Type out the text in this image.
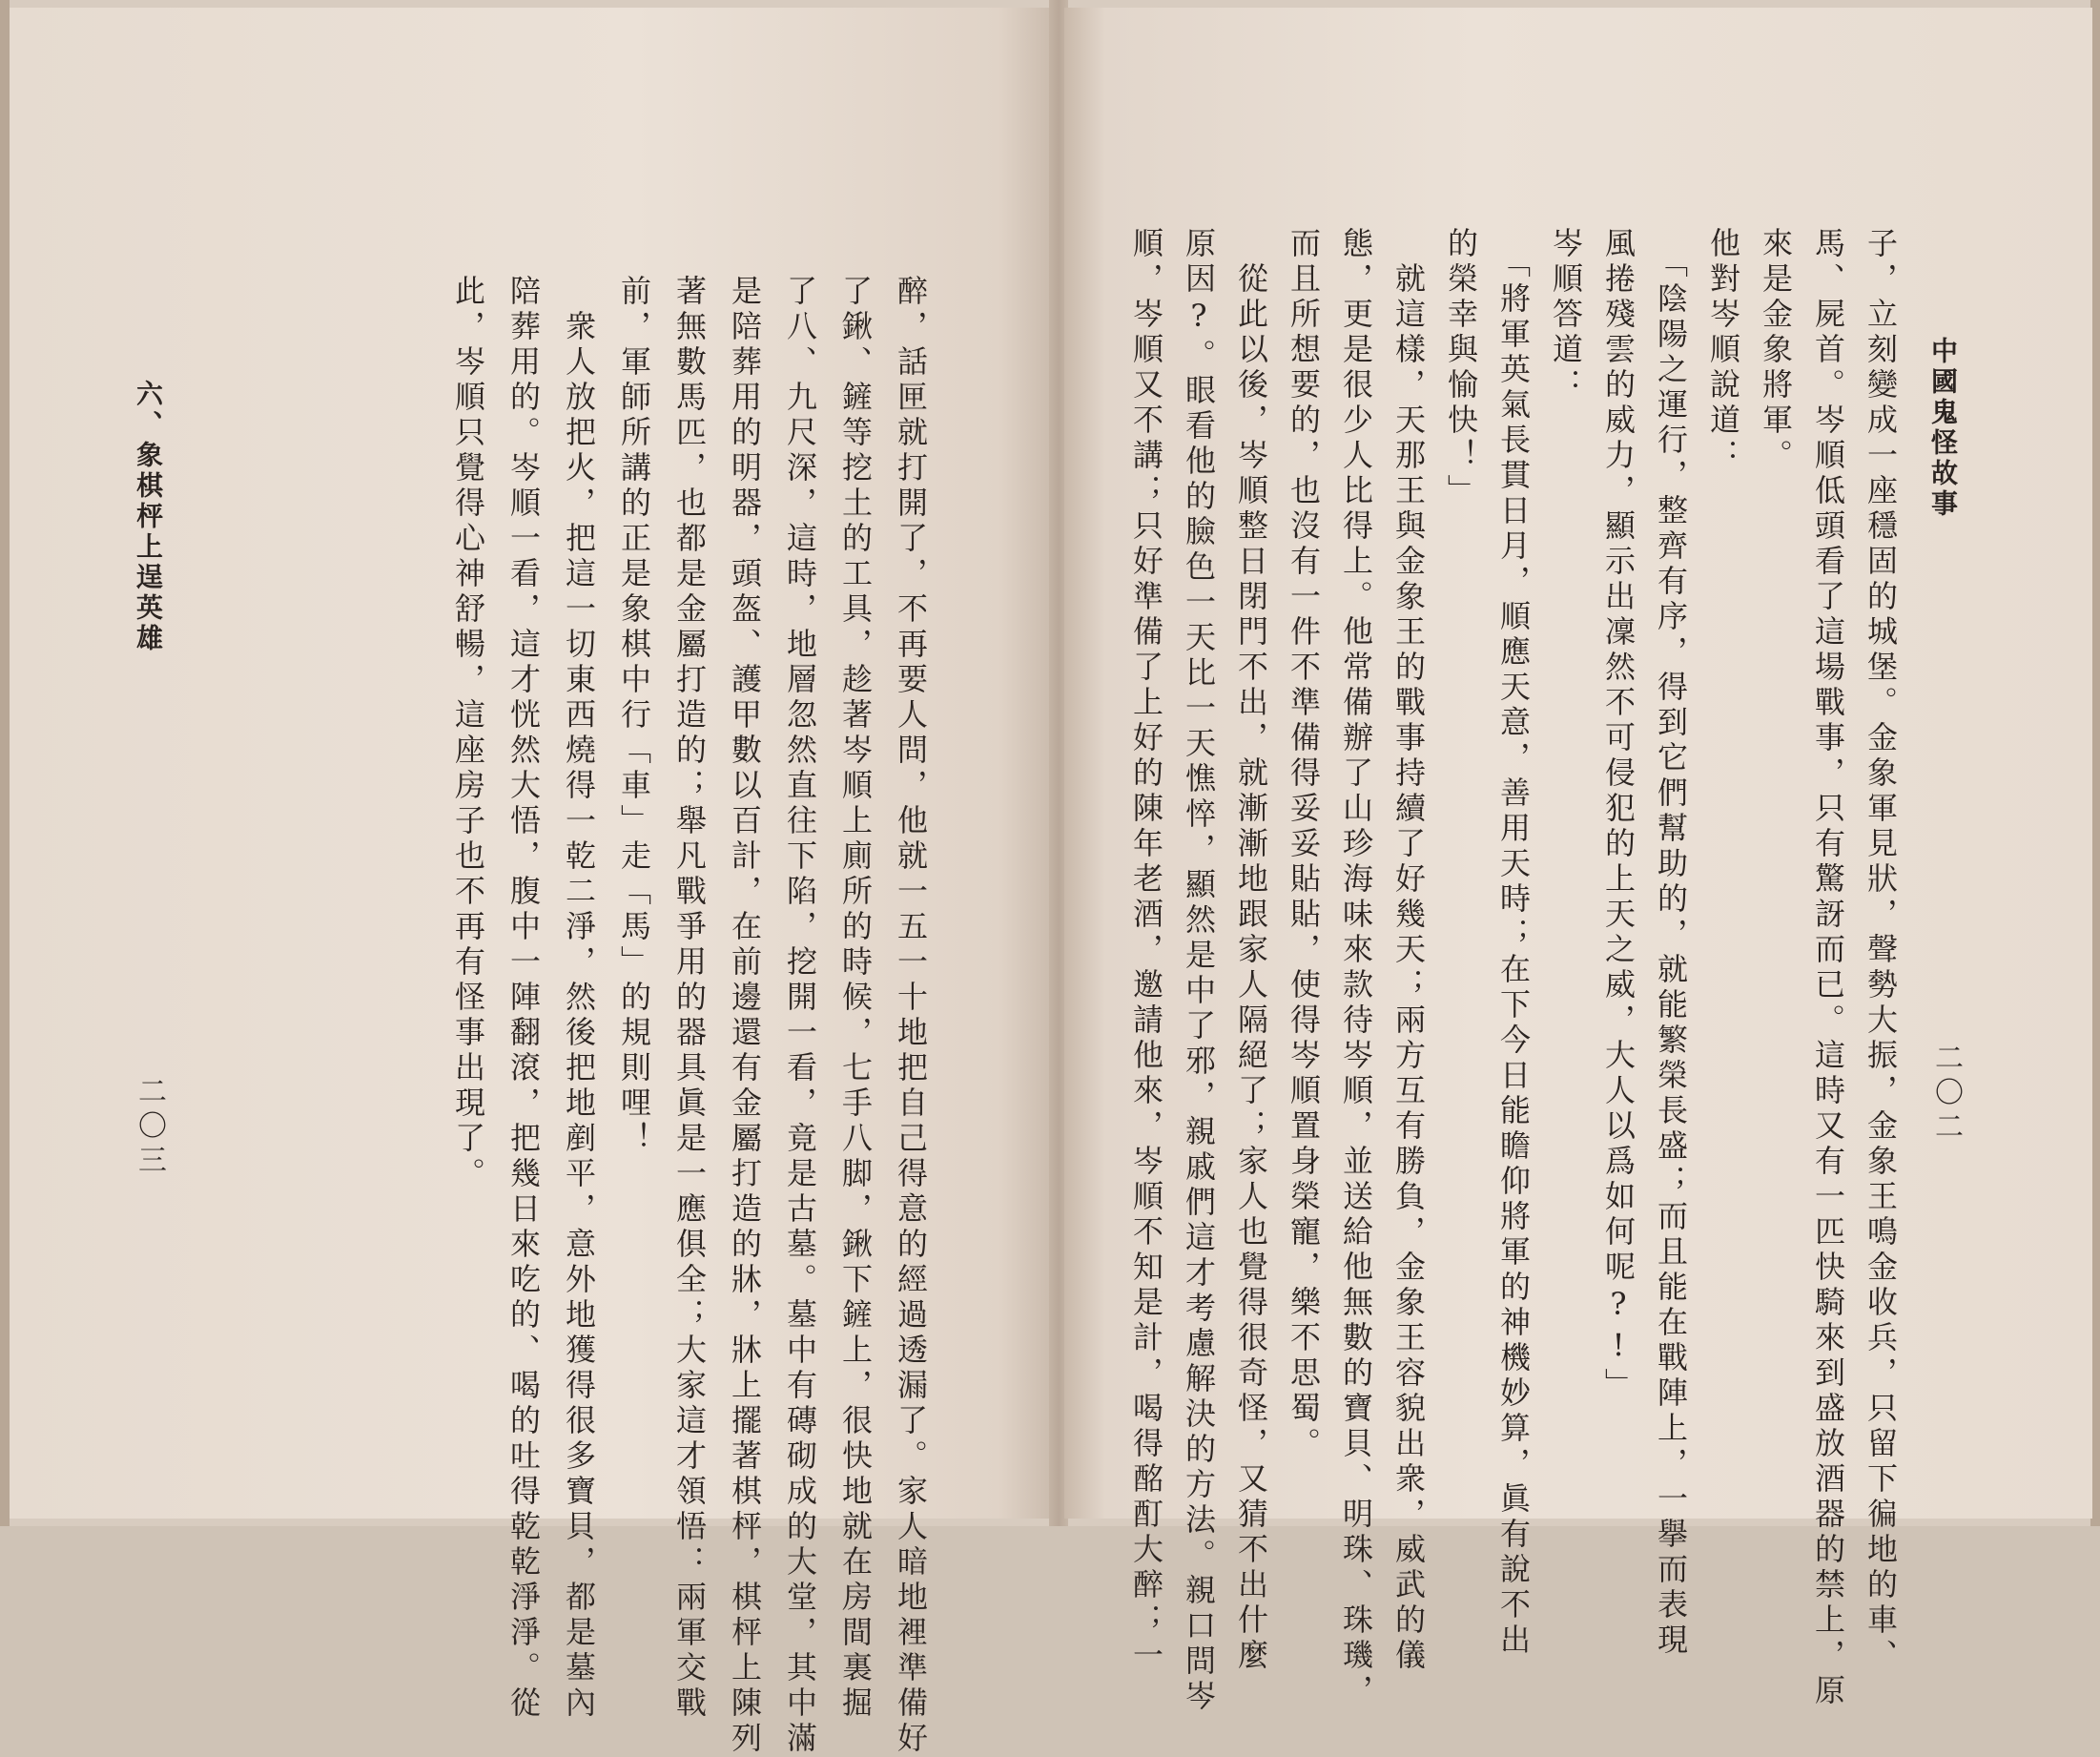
六、象棋枰上逞英雄
二〇三	醉，話匣就打開了，不再要人問，他就一五一十地把自己得意的經過透漏了。家人暗地裡準備好
了鍬、鏟等挖土的工具，趁著岑順上廁所的時候，七手八脚，鍬下鏟上，很快地就在房間裏掘
了八、九尺深，這時，地層忽然直往下陷，挖開一看，竟是古墓。墓中有磚砌成的大堂，其中滿
是陪葬用的明器，頭盔、護甲數以百計，在前邊還有金屬打造的牀，牀上擺著棋枰，棋枰上陳列
著無數馬匹，也都是金屬打造的；舉凡戰爭用的器具眞是一應俱全；大家這才領悟：兩軍交戰
前，軍師所講的正是象棋中行「車」走「馬」的規則哩！
　衆人放把火，把這一切東西燒得一乾二淨，然後把地剷平，意外地獲得很多寶貝，都是墓內
陪葬用的。岑順一看，這才恍然大悟，腹中一陣翻滾，把幾日來吃的、喝的吐得乾乾淨淨。從
此，岑順只覺得心神舒暢，這座房子也不再有怪事出現了。	中國鬼怪故事
二〇二
子，立刻變成一座穩固的城堡。金象軍見狀，聲勢大振，金象王鳴金收兵，只留下徧地的車、
馬、屍首。岑順低頭看了這場戰事，只有驚訝而已。這時又有一匹快騎來到盛放酒器的禁上，原
來是金象將軍。
他對岑順說道：
　「陰陽之運行，整齊有序，得到它們幫助的，就能繁榮長盛；而且能在戰陣上，一擧而表現
風捲殘雲的威力，顯示出凜然不可侵犯的上天之威，大人以爲如何呢?!」
岑順答道：
　「將軍英氣長貫日月，順應天意，善用天時；在下今日能瞻仰將軍的神機妙算，眞有說不出
的榮幸與愉快！」
　就這樣，天那王與金象王的戰事持續了好幾天；兩方互有勝負，金象王容貌出衆，威武的儀
態，更是很少人比得上。他常備辦了山珍海味來款待岑順，並送給他無數的寶貝、明珠、珠璣，
而且所想要的，也沒有一件不準備得妥妥貼貼，使得岑順置身榮寵，樂不思蜀。
　從此以後，岑順整日閉門不出，就漸漸地跟家人隔絕了；家人也覺得很奇怪，又猜不出什麼
原因?。眼看他的臉色一天比一天憔悴，顯然是中了邪，親戚們這才考慮解決的方法。親口問岑
順，岑順又不講；只好準備了上好的陳年老酒，邀請他來，岑順不知是計，喝得酩酊大醉；一
